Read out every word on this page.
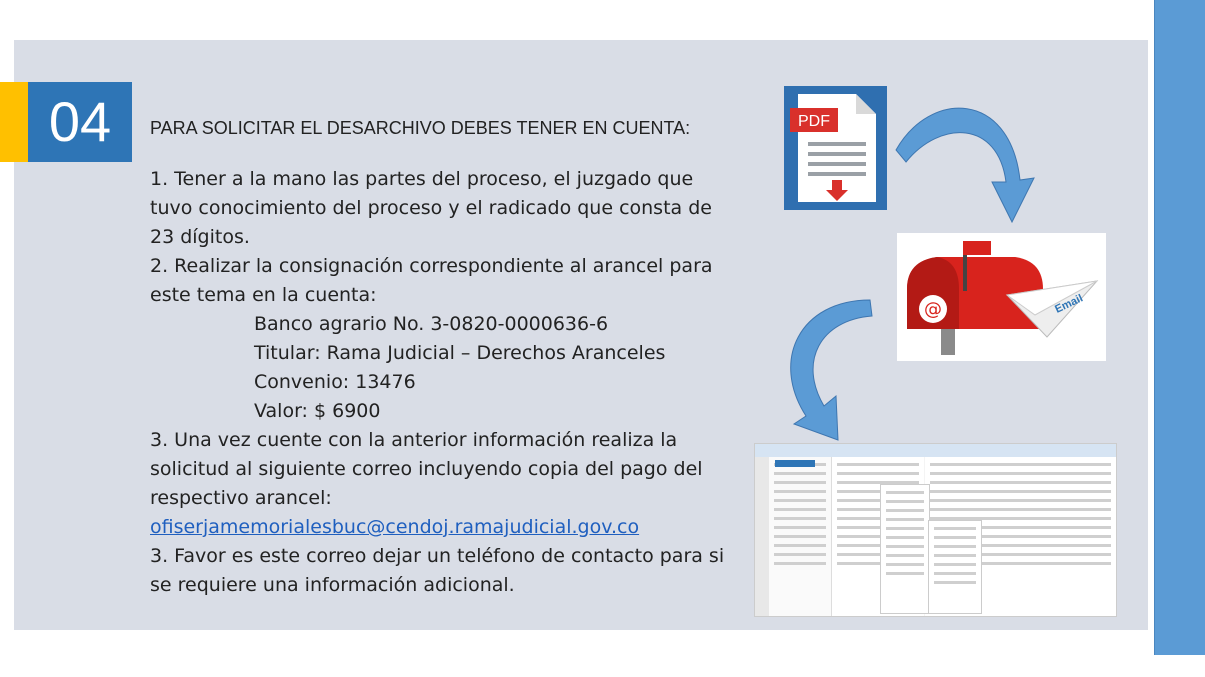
04	PARA SOLICITAR EL DESARCHIVO DEBES TENER EN CUENTA:

1. Tener a la mano las partes del proceso, el juzgado que

tuvo conocimiento del proceso y el radicado que consta de

23 dígitos.

2. Realizar la consignación correspondiente al arancel para

este tema en la cuenta:

Banco agrario No. 3-0820-0000636-6

Titular: Rama Judicial – Derechos Aranceles

Convenio: 13476

Valor: $ 6900

3. Una vez cuente con la anterior información realiza la

solicitud al siguiente correo incluyendo copia del pago del

respectivo arancel:

ofiserjamemorialesbuc@cendoj.ramajudicial.gov.co

3. Favor es este correo dejar un teléfono de contacto para si

se requiere una información adicional.

PDF
@	Email
